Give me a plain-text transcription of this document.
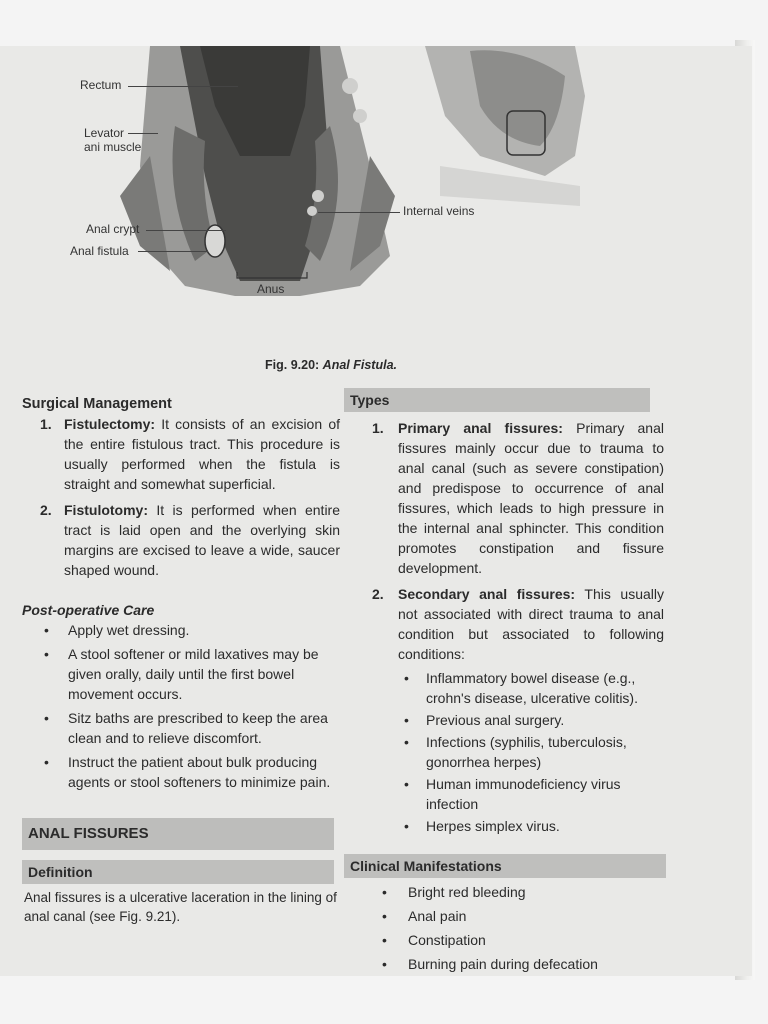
Rectum
Levator
ani muscle
Anal crypt
Anal fistula
Internal veins
Anus
Fig. 9.20: Anal Fistula.

Surgical Management

1. Fistulectomy: It consists of an excision of the entire fistulous tract. This procedure is usually performed when the fistula is straight and somewhat superficial.
2. Fistulotomy: It is performed when entire tract is laid open and the overlying skin margins are excised to leave a wide, saucer shaped wound.

Post-operative Care

• Apply wet dressing.
• A stool softener or mild laxatives may be given orally, daily until the first bowel movement occurs.
• Sitz baths are prescribed to keep the area clean and to relieve discomfort.
• Instruct the patient about bulk producing agents or stool softeners to minimize pain.
ANAL FISSURES
Definition
Anal fissures is a ulcerative laceration in the lining of anal canal (see Fig. 9.21).
Types
1. Primary anal fissures: Primary anal fissures mainly occur due to trauma to anal canal (such as severe constipation) and predispose to occurrence of anal fissures, which leads to high pressure in the internal anal sphincter. This condition promotes constipation and fissure development.
2. Secondary anal fissures: This usually not associated with direct trauma to anal condition but associated to following conditions:
• Inflammatory bowel disease (e.g., crohn's disease, ulcerative colitis).
• Previous anal surgery.
• Infections (syphilis, tuberculosis, gonorrhea herpes)
• Human immunodeficiency virus infection
• Herpes simplex virus.
Clinical Manifestations
• Bright red bleeding
• Anal pain
• Constipation
• Burning pain during defecation
